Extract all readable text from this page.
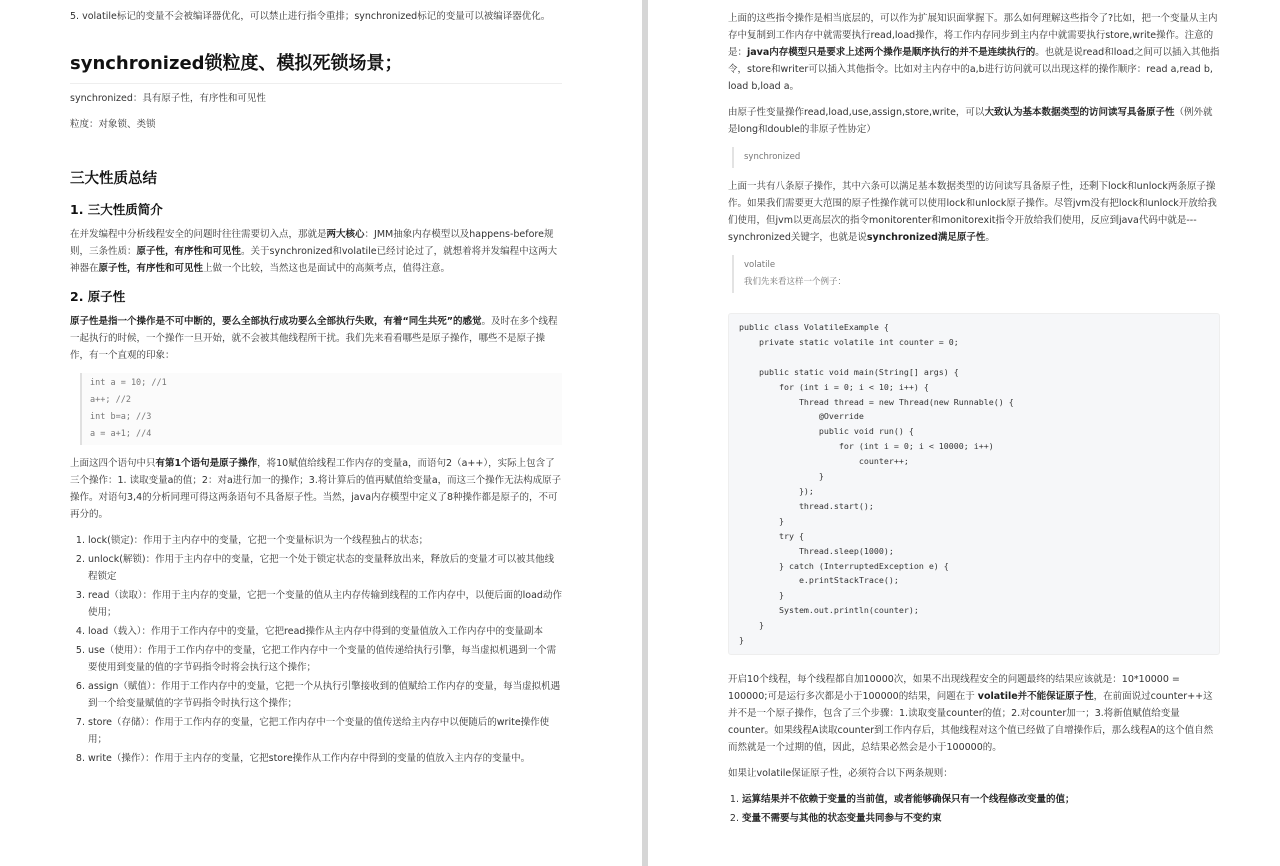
5. volatile标记的变量不会被编译器优化，可以禁止进行指令重排；synchronized标记的变量可以被编译器优化。
synchronized锁粒度、模拟死锁场景；

synchronized：具有原子性，有序性和可见性

粒度：对象锁、类锁

三大性质总结
1. 三大性质简介

在并发编程中分析线程安全的问题时往往需要切入点，那就是两大核心：JMM抽象内存模型以及happens-before规则，三条性质：原子性，有序性和可见性。关于synchronized和volatile已经讨论过了，就想着将并发编程中这两大神器在原子性，有序性和可见性上做一个比较，当然这也是面试中的高频考点，值得注意。

2. 原子性

原子性是指一个操作是不可中断的，要么全部执行成功要么全部执行失败，有着“同生共死”的感觉。及时在多个线程一起执行的时候，一个操作一旦开始，就不会被其他线程所干扰。我们先来看看哪些是原子操作，哪些不是原子操作，有一个直观的印象：

int a = 10; //1
a++; //2
int b=a; //3
a = a+1; //4

上面这四个语句中只有第1个语句是原子操作，将10赋值给线程工作内存的变量a，而语句2（a++），实际上包含了三个操作：1. 读取变量a的值；2：对a进行加一的操作；3.将计算后的值再赋值给变量a，而这三个操作无法构成原子操作。对语句3,4的分析同理可得这两条语句不具备原子性。当然，java内存模型中定义了8种操作都是原子的，不可再分的。

1. lock(锁定)：作用于主内存中的变量，它把一个变量标识为一个线程独占的状态；
2. unlock(解锁)：作用于主内存中的变量，它把一个处于锁定状态的变量释放出来，释放后的变量才可以被其他线程锁定
3. read（读取）：作用于主内存的变量，它把一个变量的值从主内存传输到线程的工作内存中，以便后面的load动作使用；
4. load（载入）：作用于工作内存中的变量，它把read操作从主内存中得到的变量值放入工作内存中的变量副本
5. use（使用）：作用于工作内存中的变量，它把工作内存中一个变量的值传递给执行引擎，每当虚拟机遇到一个需要使用到变量的值的字节码指令时将会执行这个操作；
6. assign（赋值）：作用于工作内存中的变量，它把一个从执行引擎接收到的值赋给工作内存的变量，每当虚拟机遇到一个给变量赋值的字节码指令时执行这个操作；
7. store（存储）：作用于工作内存的变量，它把工作内存中一个变量的值传送给主内存中以便随后的write操作使用；
8. write（操作）：作用于主内存的变量，它把store操作从工作内存中得到的变量的值放入主内存的变量中。

上面的这些指令操作是相当底层的，可以作为扩展知识面掌握下。那么如何理解这些指令了?比如，把一个变量从主内存中复制到工作内存中就需要执行read,load操作，将工作内存同步到主内存中就需要执行store,write操作。注意的是：java内存模型只是要求上述两个操作是顺序执行的并不是连续执行的。也就是说read和load之间可以插入其他指令，store和writer可以插入其他指令。比如对主内存中的a,b进行访问就可以出现这样的操作顺序：read a,read b, load b,load a。

由原子性变量操作read,load,use,assign,store,write，可以大致认为基本数据类型的访问读写具备原子性（例外就是long和double的非原子性协定）

synchronized

上面一共有八条原子操作，其中六条可以满足基本数据类型的访问读写具备原子性，还剩下lock和unlock两条原子操作。如果我们需要更大范围的原子性操作就可以使用lock和unlock原子操作。尽管jvm没有把lock和unlock开放给我们使用，但jvm以更高层次的指令monitorenter和monitorexit指令开放给我们使用，反应到java代码中就是---synchronized关键字，也就是说synchronized满足原子性。

volatile
我们先来看这样一个例子：
public class VolatileExample {
private static volatile int counter = 0;

public static void main(String[] args) {
for (int i = 0; i < 10; i++) {
Thread thread = new Thread(new Runnable() {
@Override
public void run() {
for (int i = 0; i < 10000; i++)
counter++;
}
});
thread.start();
}
try {
Thread.sleep(1000);
} catch (InterruptedException e) {
e.printStackTrace();
}
System.out.println(counter);
}
}

开启10个线程，每个线程都自加10000次，如果不出现线程安全的问题最终的结果应该就是：10*10000 = 100000;可是运行多次都是小于100000的结果，问题在于 volatile并不能保证原子性，在前面说过counter++这并不是一个原子操作，包含了三个步骤：1.读取变量counter的值；2.对counter加一；3.将新值赋值给变量counter。如果线程A读取counter到工作内存后，其他线程对这个值已经做了自增操作后，那么线程A的这个值自然而然就是一个过期的值，因此，总结果必然会是小于100000的。

如果让volatile保证原子性，必须符合以下两条规则：

1. 运算结果并不依赖于变量的当前值，或者能够确保只有一个线程修改变量的值；
2. 变量不需要与其他的状态变量共同参与不变约束
